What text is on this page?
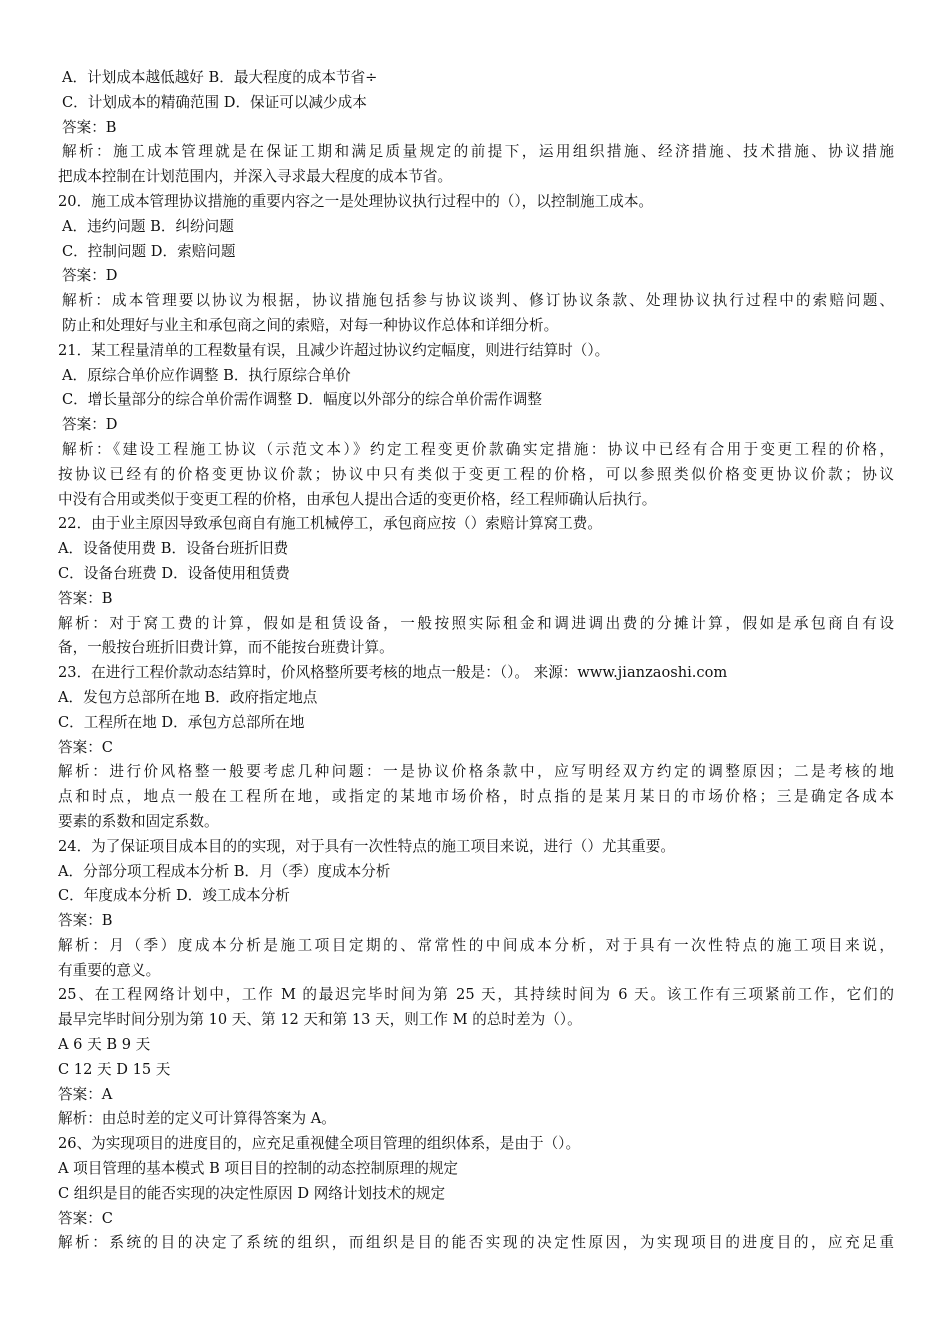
A．计划成本越低越好 B．最大程度的成本节省÷
C．计划成本的精确范围 D．保证可以减少成本
答案：B
解析：施工成本管理就是在保证工期和满足质量规定的前提下，运用组织措施、经济措施、技术措施、协议措施
把成本控制在计划范围内，并深入寻求最大程度的成本节省。
20．施工成本管理协议措施的重要内容之一是处理协议执行过程中的（），以控制施工成本。
A．违约问题 B．纠纷问题
C．控制问题 D．索赔问题
答案：D
解析：成本管理要以协议为根据，协议措施包括参与协议谈判、修订协议条款、处理协议执行过程中的索赔问题、
防止和处理好与业主和承包商之间的索赔，对每一种协议作总体和详细分析。
21．某工程量清单的工程数量有误，且减少许超过协议约定幅度，则进行结算时（）。
A．原综合单价应作调整 B．执行原综合单价
C．增长量部分的综合单价需作调整 D．幅度以外部分的综合单价需作调整
答案：D
解析：《建设工程施工协议（示范文本）》约定工程变更价款确实定措施：协议中已经有合用于变更工程的价格，
按协议已经有的价格变更协议价款；协议中只有类似于变更工程的价格，可以参照类似价格变更协议价款；协议
中没有合用或类似于变更工程的价格，由承包人提出合适的变更价格，经工程师确认后执行。
22．由于业主原因导致承包商自有施工机械停工，承包商应按（）索赔计算窝工费。
A．设备使用费 B．设备台班折旧费
C．设备台班费 D．设备使用租赁费
答案：B
解析：对于窝工费的计算，假如是租赁设备，一般按照实际租金和调进调出费的分摊计算，假如是承包商自有设
备，一般按台班折旧费计算，而不能按台班费计算。
23．在进行工程价款动态结算时，价风格整所要考核的地点一般是：（）。 来源：www.jianzaoshi.com
A．发包方总部所在地 B．政府指定地点
C．工程所在地 D．承包方总部所在地
答案：C
解析：进行价风格整一般要考虑几种问题：一是协议价格条款中，应写明经双方约定的调整原因；二是考核的地
点和时点，地点一般在工程所在地，或指定的某地市场价格，时点指的是某月某日的市场价格；三是确定各成本
要素的系数和固定系数。
24．为了保证项目成本目的的实现，对于具有一次性特点的施工项目来说，进行（）尤其重要。
A．分部分项工程成本分析 B．月（季）度成本分析
C．年度成本分析 D．竣工成本分析
答案：B
解析：月（季）度成本分析是施工项目定期的、常常性的中间成本分析，对于具有一次性特点的施工项目来说，
有重要的意义。
25、在工程网络计划中，工作 M 的最迟完毕时间为第 25 天，其持续时间为 6 天。该工作有三项紧前工作，它们的
最早完毕时间分别为第 10 天、第 12 天和第 13 天，则工作 M 的总时差为（）。
A 6 天 B 9 天
C 12 天 D 15 天
答案：A
解析：由总时差的定义可计算得答案为 A。
26、为实现项目的进度目的，应充足重视健全项目管理的组织体系，是由于（）。
A 项目管理的基本模式 B 项目目的控制的动态控制原理的规定
C 组织是目的能否实现的决定性原因 D 网络计划技术的规定
答案：C
解析：系统的目的决定了系统的组织，而组织是目的能否实现的决定性原因，为实现项目的进度目的，应充足重
